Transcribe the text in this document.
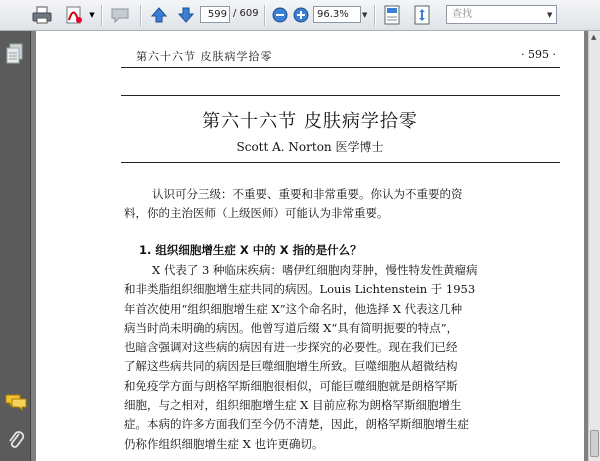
▼	599 / 609	96.3%	▼	查找	▼
第六十六节 皮肤病学拾零	· 595 ·
第六十六节 皮肤病学拾零
Scott A. Norton 医学博士
认识可分三级：不重要、重要和非常重要。你认为不重要的资
料，你的主治医师（上级医师）可能认为非常重要。
1. 组织细胞增生症 X 中的 X 指的是什么？
X 代表了 3 种临床疾病：嗜伊红细胞肉芽肿，慢性特发性黄瘤病
和非类脂组织细胞增生症共同的病因。Louis Lichtenstein 于 1953
年首次使用“组织细胞增生症 X”这个命名时，他选择 X 代表这几种
病当时尚未明确的病因。他曾写道后缀 X“具有简明扼要的特点”，
也暗含强调对这些病的病因有进一步探究的必要性。现在我们已经
了解这些病共同的病因是巨噬细胞增生所致。巨噬细胞从超微结构
和免疫学方面与朗格罕斯细胞很相似，可能巨噬细胞就是朗格罕斯
细胞，与之相对，组织细胞增生症 X 目前应称为朗格罕斯细胞增生
症。本病的许多方面我们至今仍不清楚，因此，朗格罕斯细胞增生症
仍称作组织细胞增生症 X 也许更确切。
▲
